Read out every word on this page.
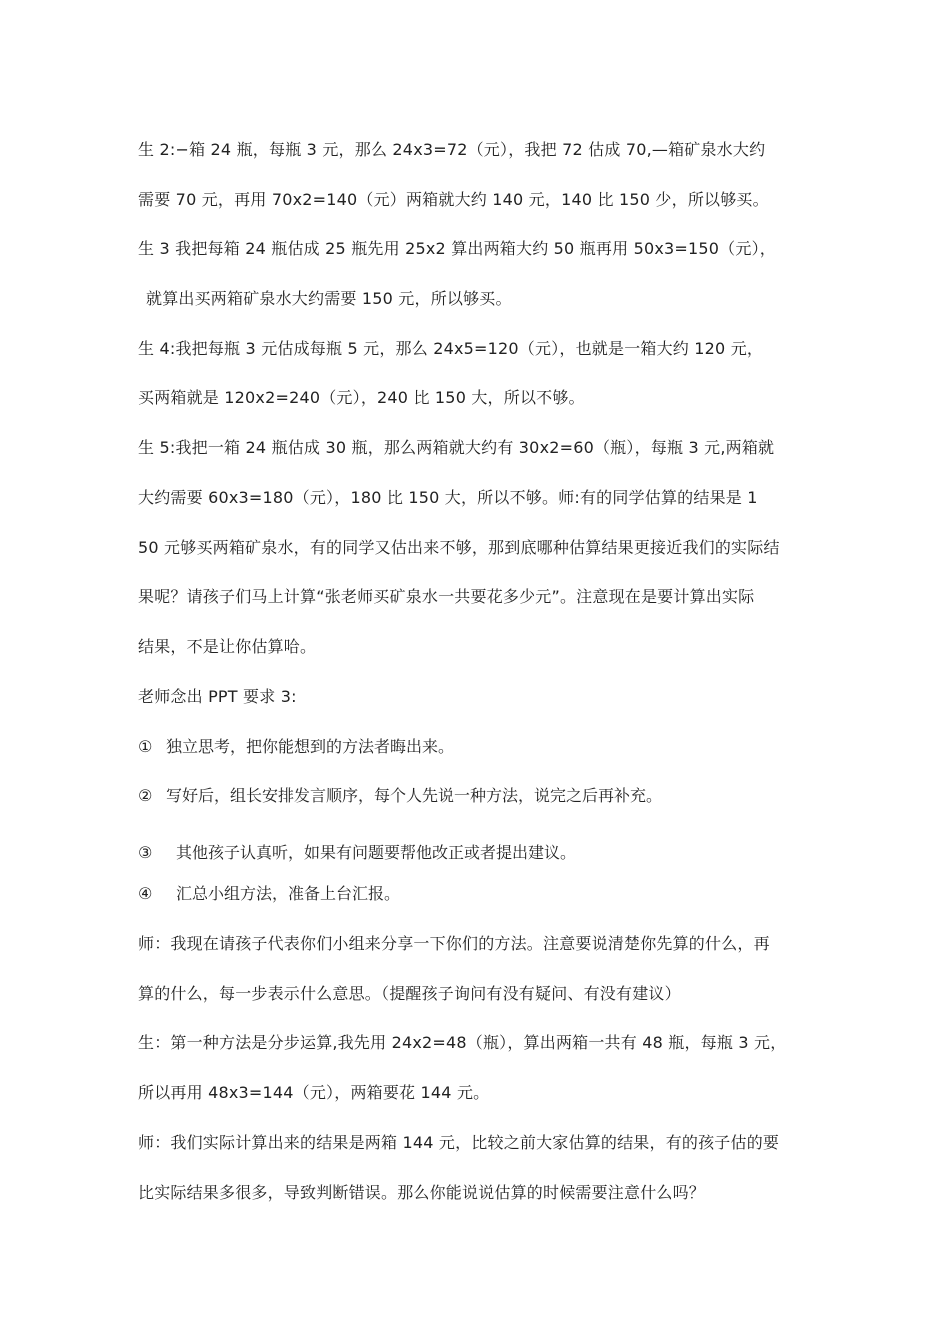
生 2:−箱 24 瓶，每瓶 3 元，那么 24x3=72（元），我把 72 估成 70,—箱矿泉水大约
需要 70 元，再用 70x2=140（元）两箱就大约 140 元，140 比 150 少，所以够买。
生 3 我把每箱 24 瓶估成 25 瓶先用 25x2 算出两箱大约 50 瓶再用 50x3=150（元），
就算出买两箱矿泉水大约需要 150 元，所以够买。
生 4:我把每瓶 3 元估成每瓶 5 元，那么 24x5=120（元），也就是一箱大约 120 元，
买两箱就是 120x2=240（元），240 比 150 大，所以不够。
生 5:我把一箱 24 瓶估成 30 瓶，那么两箱就大约有 30x2=60（瓶），每瓶 3 元,两箱就
大约需要 60x3=180（元），180 比 150 大，所以不够。师:有的同学估算的结果是 1
50 元够买两箱矿泉水，有的同学又估出来不够，那到底哪种估算结果更接近我们的实际结
果呢？请孩子们马上计算“张老师买矿泉水一共要花多少元”。注意现在是要计算出实际
结果，不是让你估算哈。
老师念出 PPT 要求 3:
① 独立思考，把你能想到的方法者晦出来。
② 写好后，组长安排发言顺序，每个人先说一种方法，说完之后再补充。
③ 其他孩子认真听，如果有问题要帮他改正或者提出建议。
④ 汇总小组方法，准备上台汇报。
师：我现在请孩子代表你们小组来分享一下你们的方法。注意要说清楚你先算的什么，再
算的什么，每一步表示什么意思。（提醒孩子询问有没有疑问、有没有建议）
生：第一种方法是分步运算,我先用 24x2=48（瓶），算出两箱一共有 48 瓶，每瓶 3 元，
所以再用 48x3=144（元），两箱要花 144 元。
师：我们实际计算出来的结果是两箱 144 元，比较之前大家估算的结果，有的孩子估的要
比实际结果多很多，导致判断错误。那么你能说说估算的时候需要注意什么吗？
